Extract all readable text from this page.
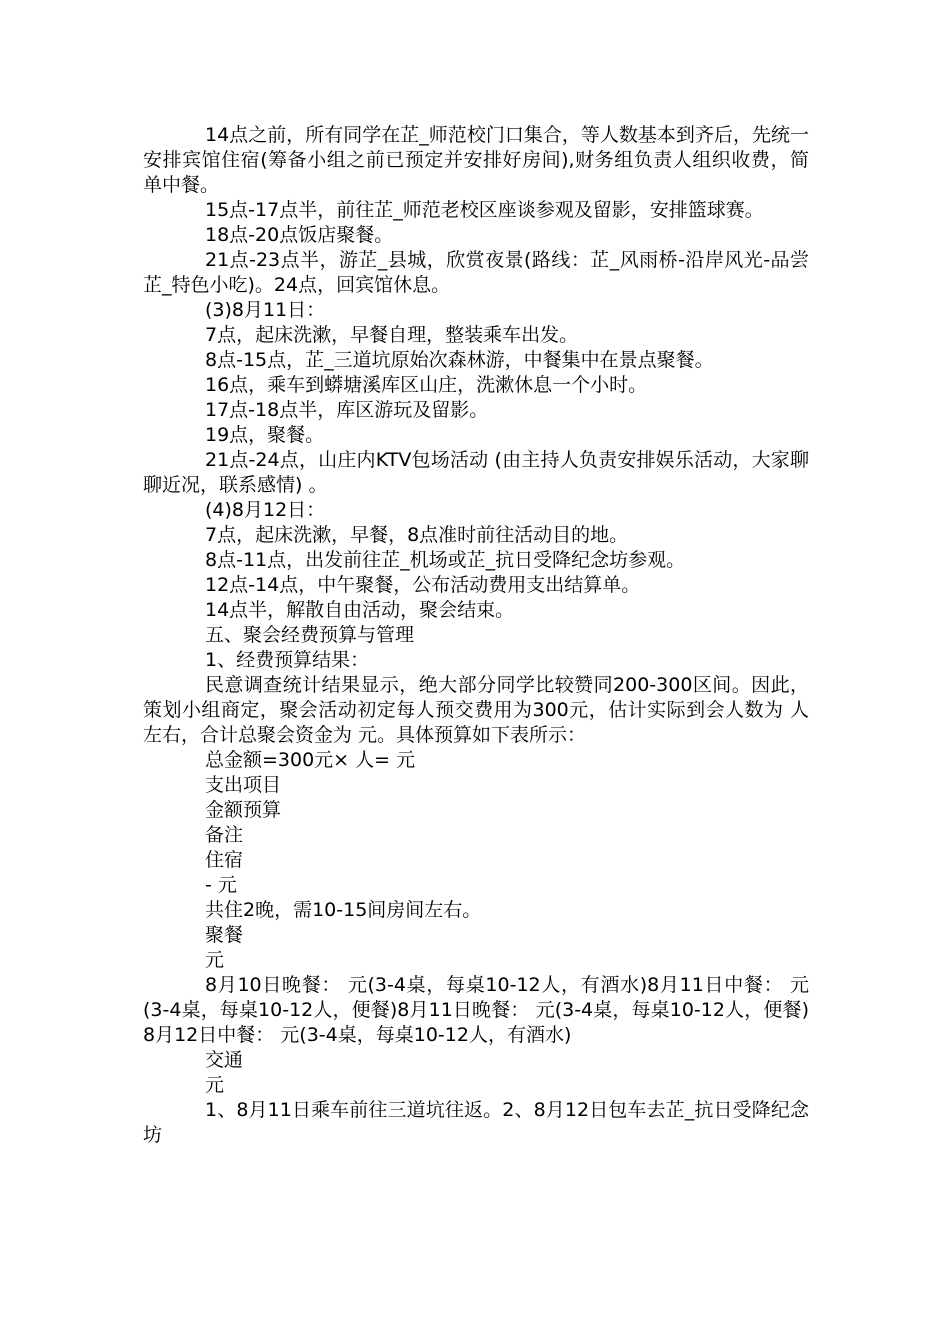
14点之前，所有同学在芷_师范校门口集合，等人数基本到齐后，先统一安排宾馆住宿(筹备小组之前已预定并安排好房间),财务组负责人组织收费，简单中餐。

15点-17点半，前往芷_师范老校区座谈参观及留影，安排篮球赛。

18点-20点饭店聚餐。

21点-23点半，游芷_县城，欣赏夜景(路线：芷_风雨桥-沿岸风光-品尝芷_特色小吃)。24点，回宾馆休息。

(3)8月11日：

7点，起床洗漱，早餐自理，整装乘车出发。

8点-15点，芷_三道坑原始次森林游，中餐集中在景点聚餐。

16点，乘车到蟒塘溪库区山庄，洗漱休息一个小时。

17点-18点半，库区游玩及留影。

19点，聚餐。

21点-24点，山庄内KTV包场活动 (由主持人负责安排娱乐活动，大家聊聊近况，联系感情) 。

(4)8月12日：

7点，起床洗漱，早餐，8点准时前往活动目的地。

8点-11点，出发前往芷_机场或芷_抗日受降纪念坊参观。

12点-14点，中午聚餐，公布活动费用支出结算单。

14点半，解散自由活动，聚会结束。

五、聚会经费预算与管理

1、经费预算结果：

民意调查统计结果显示，绝大部分同学比较赞同200-300区间。因此，策划小组商定，聚会活动初定每人预交费用为300元，估计实际到会人数为 人左右，合计总聚会资金为 元。具体预算如下表所示：

总金额=300元× 人= 元

支出项目

金额预算

备注

住宿

- 元

共住2晚，需10-15间房间左右。

聚餐

元

8月10日晚餐： 元(3-4桌，每桌10-12人，有酒水)8月11日中餐： 元(3-4桌，每桌10-12人，便餐)8月11日晚餐： 元(3-4桌，每桌10-12人，便餐)8月12日中餐： 元(3-4桌，每桌10-12人，有酒水)

交通

元

1、8月11日乘车前往三道坑往返。2、8月12日包车去芷_抗日受降纪念坊
